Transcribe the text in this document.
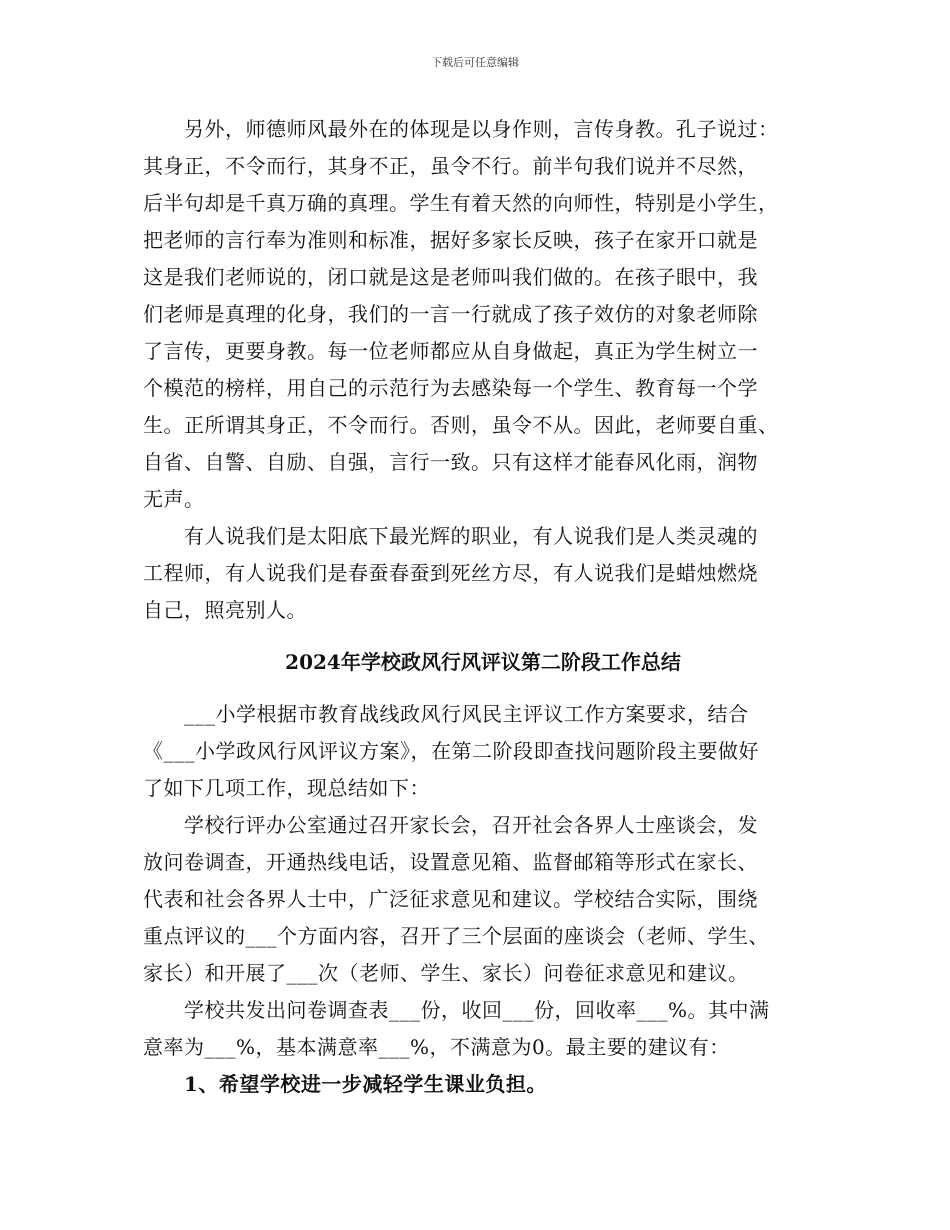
下载后可任意编辑
　　另外，师德师风最外在的体现是以身作则，言传身教。孔子说过：
其身正，不令而行，其身不正，虽令不行。前半句我们说并不尽然，
后半句却是千真万确的真理。学生有着天然的向师性，特别是小学生，
把老师的言行奉为准则和标准，据好多家长反映，孩子在家开口就是
这是我们老师说的，闭口就是这是老师叫我们做的。在孩子眼中，我
们老师是真理的化身，我们的一言一行就成了孩子效仿的对象老师除
了言传，更要身教。每一位老师都应从自身做起，真正为学生树立一
个模范的榜样，用自己的示范行为去感染每一个学生、教育每一个学
生。正所谓其身正，不令而行。否则，虽令不从。因此，老师要自重、
自省、自警、自励、自强，言行一致。只有这样才能春风化雨，润物
无声。
　　有人说我们是太阳底下最光辉的职业，有人说我们是人类灵魂的
工程师，有人说我们是春蚕春蚕到死丝方尽，有人说我们是蜡烛燃烧
自己，照亮别人。
2024年学校政风行风评议第二阶段工作总结
　　___小学根据市教育战线政风行风民主评议工作方案要求，结合
《___小学政风行风评议方案》，在第二阶段即查找问题阶段主要做好
了如下几项工作，现总结如下：
　　学校行评办公室通过召开家长会，召开社会各界人士座谈会，发
放问卷调查，开通热线电话，设置意见箱、监督邮箱等形式在家长、
代表和社会各界人士中，广泛征求意见和建议。学校结合实际，围绕
重点评议的___个方面内容，召开了三个层面的座谈会（老师、学生、
家长）和开展了___次（老师、学生、家长）问卷征求意见和建议。
　　学校共发出问卷调查表___份，收回___份，回收率___%。其中满
意率为___%，基本满意率___%，不满意为0。最主要的建议有：
　　1、希望学校进一步减轻学生课业负担。
